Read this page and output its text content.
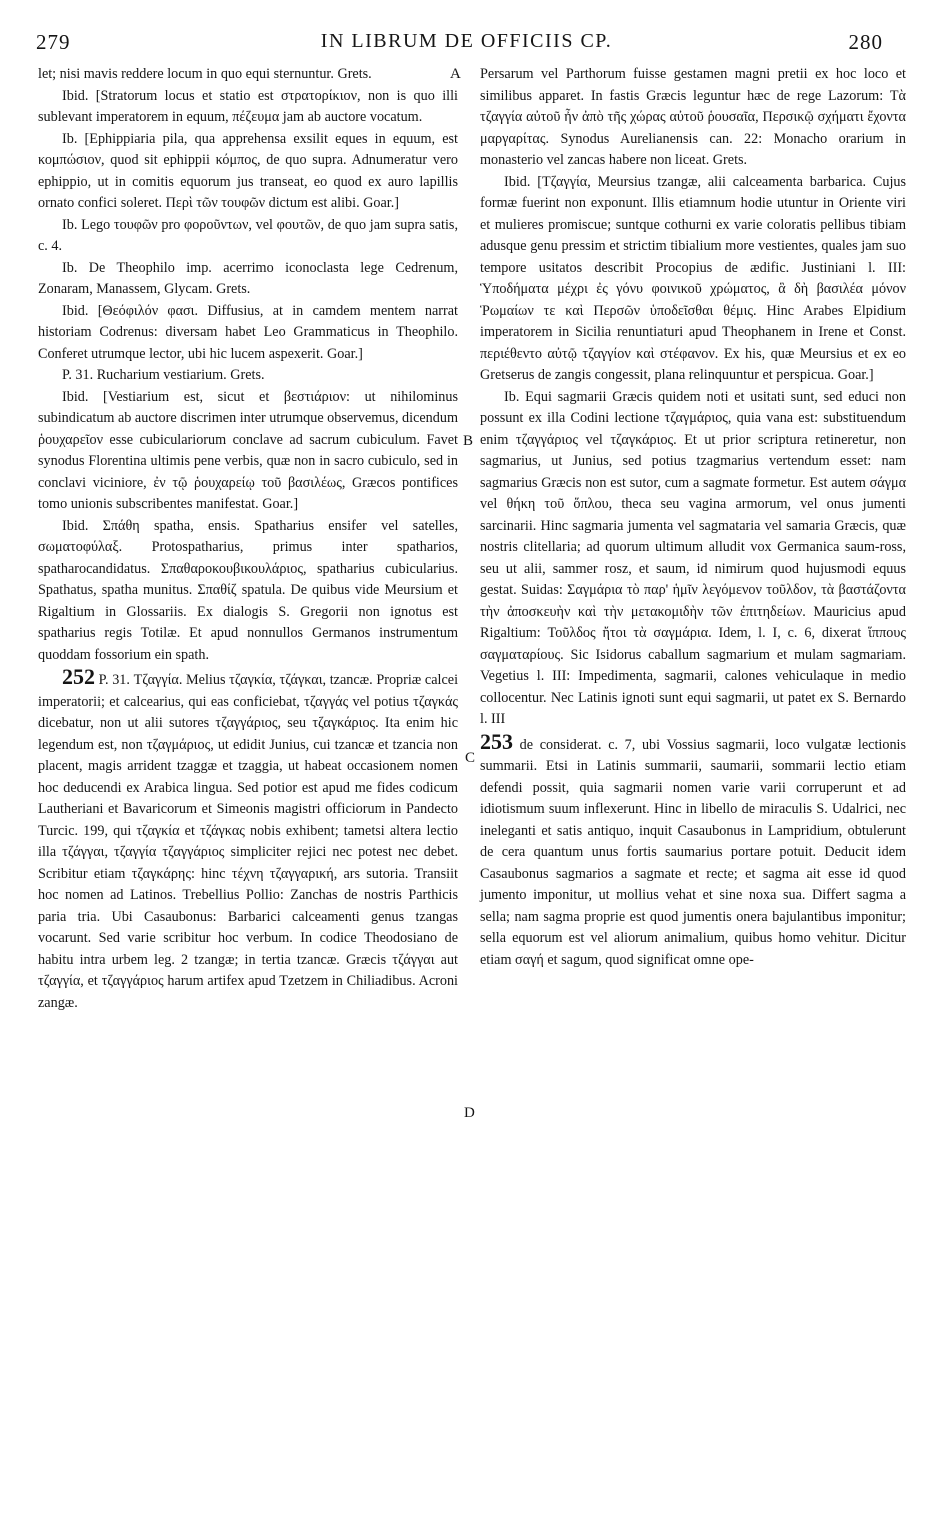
279	IN LIBRUM DE OFFICIIS CP.	280
A
B
C
D

let; nisi mavis reddere locum in quo equi sternuntur. Grets.

Ibid. [Stratorum locus et statio est στρατορίκιον, non is quo illi sublevant imperatorem in equum, πέζευμα jam ab auctore vocatum.

Ib. [Ephippiaria pila, qua apprehensa exsilit eques in equum, est κομπώσιον, quod sit ephippii κόμπος, de quo supra. Adnumeratur vero ephippio, ut in comitis equorum jus transeat, eo quod ex auro lapillis ornato confici soleret. Περὶ τῶν τουφῶν dictum est alibi. Goar.]

Ib. Lego τουφῶν pro φοροῦντων, vel φουτῶν, de quo jam supra satis, c. 4.

Ib. De Theophilo imp. acerrimo iconoclasta lege Cedrenum, Zonaram, Manassem, Glycam. Grets.

Ibid. [Θεόφιλόν φασι. Diffusius, at in camdem mentem narrat historiam Codrenus: diversam habet Leo Grammaticus in Theophilo. Conferet utrumque lector, ubi hic lucem aspexerit. Goar.]

P. 31. Rucharium vestiarium. Grets.

Ibid. [Vestiarium est, sicut et βεστιάριον: ut nihilominus subindicatum ab auctore discrimen inter utrumque observemus, dicendum ῥουχαρεῖον esse cubiculariorum conclave ad sacrum cubiculum. Favet synodus Florentina ultimis pene verbis, quæ non in sacro cubiculo, sed in conclavi viciniore, ἐν τῷ ῥουχαρείῳ τοῦ βασιλέως, Græcos pontifices tomo unionis subscribentes manifestat. Goar.]

Ibid. Σπάθη spatha, ensis. Spatharius ensifer vel satelles, σωματοφύλαξ. Protospatharius, primus inter spatharios, spatharocandidatus. Σπαθαροκουβικουλάριος, spatharius cubicularius. Spathatus, spatha munitus. Σπαθίζ spatula. De quibus vide Meursium et Rigaltium in Glossariis. Ex dialogis S. Gregorii non ignotus est spatharius regis Totilæ. Et apud nonnullos Germanos instrumentum quoddam fossorium ein spath.

252 P. 31. Τζαγγία. Melius τζαγκία, τζάγκαι, tzancæ. Propriæ calcei imperatorii; et calcearius, qui eas conficiebat, τζαγγάς vel potius τζαγκάς dicebatur, non ut alii sutores τζαγγάριος, seu τζαγκάριος. Ita enim hic legendum est, non τζαγμάριος, ut edidit Junius, cui tzancæ et tzancia non placent, magis arrident tzaggæ et tzaggia, ut habeat occasionem nomen hoc deducendi ex Arabica lingua. Sed potior est apud me fides codicum Lautheriani et Bavaricorum et Simeonis magistri officiorum in Pandecto Turcic. 199, qui τζαγκία et τζάγκας nobis exhibent; tametsi altera lectio illa τζάγγαι, τζαγγία τζαγγάριος simpliciter rejici nec potest nec debet. Scribitur etiam τζαγκάρης: hinc τέχνη τζαγγαρική, ars sutoria. Transiit hoc nomen ad Latinos. Trebellius Pollio: Zanchas de nostris Parthicis paria tria. Ubi Casaubonus: Barbarici calceamenti genus tzangas vocarunt. Sed varie scribitur hoc verbum. In codice Theodosiano de habitu intra urbem leg. 2 tzangæ; in tertia tzancæ. Græcis τζάγγαι aut τζαγγία, et τζαγγάριος harum artifex apud Tzetzem in Chiliadibus. Acroni zangæ.

Persarum vel Parthorum fuisse gestamen magni pretii ex hoc loco et similibus apparet. In fastis Græcis leguntur hæc de rege Lazorum: Τὰ τζαγγία αὐτοῦ ἦν ἀπὸ τῆς χώρας αὐτοῦ ῥουσαῖα, Περσικῷ σχήματι ἔχοντα μαργαρίτας. Synodus Aurelianensis can. 22: Monacho orarium in monasterio vel zancas habere non liceat. Grets.

Ibid. [Τζαγγία, Meursius tzangæ, alii calceamenta barbarica. Cujus formæ fuerint non exponunt. Illis etiamnum hodie utuntur in Oriente viri et mulieres promiscue; suntque cothurni ex varie coloratis pellibus tibiam adusque genu pressim et strictim tibialium more vestientes, quales jam suo tempore usitatos describit Procopius de ædific. Justiniani l. III: Ὑποδήματα μέχρι ἐς γόνυ φοινικοῦ χρώματος, ἃ δὴ βασιλέα μόνον Ῥωμαίων τε καὶ Περσῶν ὑποδεῖσθαι θέμις. Hinc Arabes Elpidium imperatorem in Sicilia renuntiaturi apud Theophanem in Irene et Const. περιέθεντο αὐτῷ τζαγγίον καὶ στέφανον. Ex his, quæ Meursius et ex eo Gretserus de zangis congessit, plana relinquuntur et perspicua. Goar.]

Ib. Equi sagmarii Græcis quidem noti et usitati sunt, sed educi non possunt ex illa Codini lectione τζαγμάριος, quia vana est: substituendum enim τζαγγάριος vel τζαγκάριος. Et ut prior scriptura retineretur, non sagmarius, ut Junius, sed potius tzagmarius vertendum esset: nam sagmarius Græcis non est sutor, cum a sagmate formetur. Est autem σάγμα vel θήκη τοῦ ὅπλου, theca seu vagina armorum, vel onus jumenti sarcinarii. Hinc sagmaria jumenta vel sagmataria vel samaria Græcis, quæ nostris clitellaria; ad quorum ultimum alludit vox Germanica saum-ross, seu ut alii, sammer rosz, et saum, id nimirum quod hujusmodi equus gestat. Suidas: Σαγμάρια τὸ παρ' ἡμῖν λεγόμενον τοῦλδον, τὰ βαστάζοντα τὴν ἀποσκευὴν καὶ τὴν μετακομιδὴν τῶν ἐπιτηδείων. Mauricius apud Rigaltium: Τοῦλδος ἤτοι τὰ σαγμάρια. Idem, l. I, c. 6, dixerat ἵππους σαγματαρίους. Sic Isidorus caballum sagmarium et mulam sagmariam. Vegetius l. III: Impedimenta, sagmarii, calones vehiculaque in medio collocentur. Nec Latinis ignoti sunt equi sagmarii, ut patet ex S. Bernardo l. III

253 de considerat. c. 7, ubi Vossius sagmarii, loco vulgatæ lectionis summarii. Etsi in Latinis summarii, saumarii, sommarii lectio etiam defendi possit, quia sagmarii nomen varie varii corruperunt et ad idiotismum suum inflexerunt. Hinc in libello de miraculis S. Udalrici, nec ineleganti et satis antiquo, inquit Casaubonus in Lampridium, obtulerunt de cera quantum unus fortis saumarius portare potuit. Deducit idem Casaubonus sagmarios a sagmate et recte; et sagma ait esse id quod jumento imponitur, ut mollius vehat et sine noxa sua. Differt sagma a sella; nam sagma proprie est quod jumentis onera bajulantibus imponitur; sella equorum est vel aliorum animalium, quibus homo vehitur. Dicitur etiam σαγή et sagum, quod significat omne ope-
